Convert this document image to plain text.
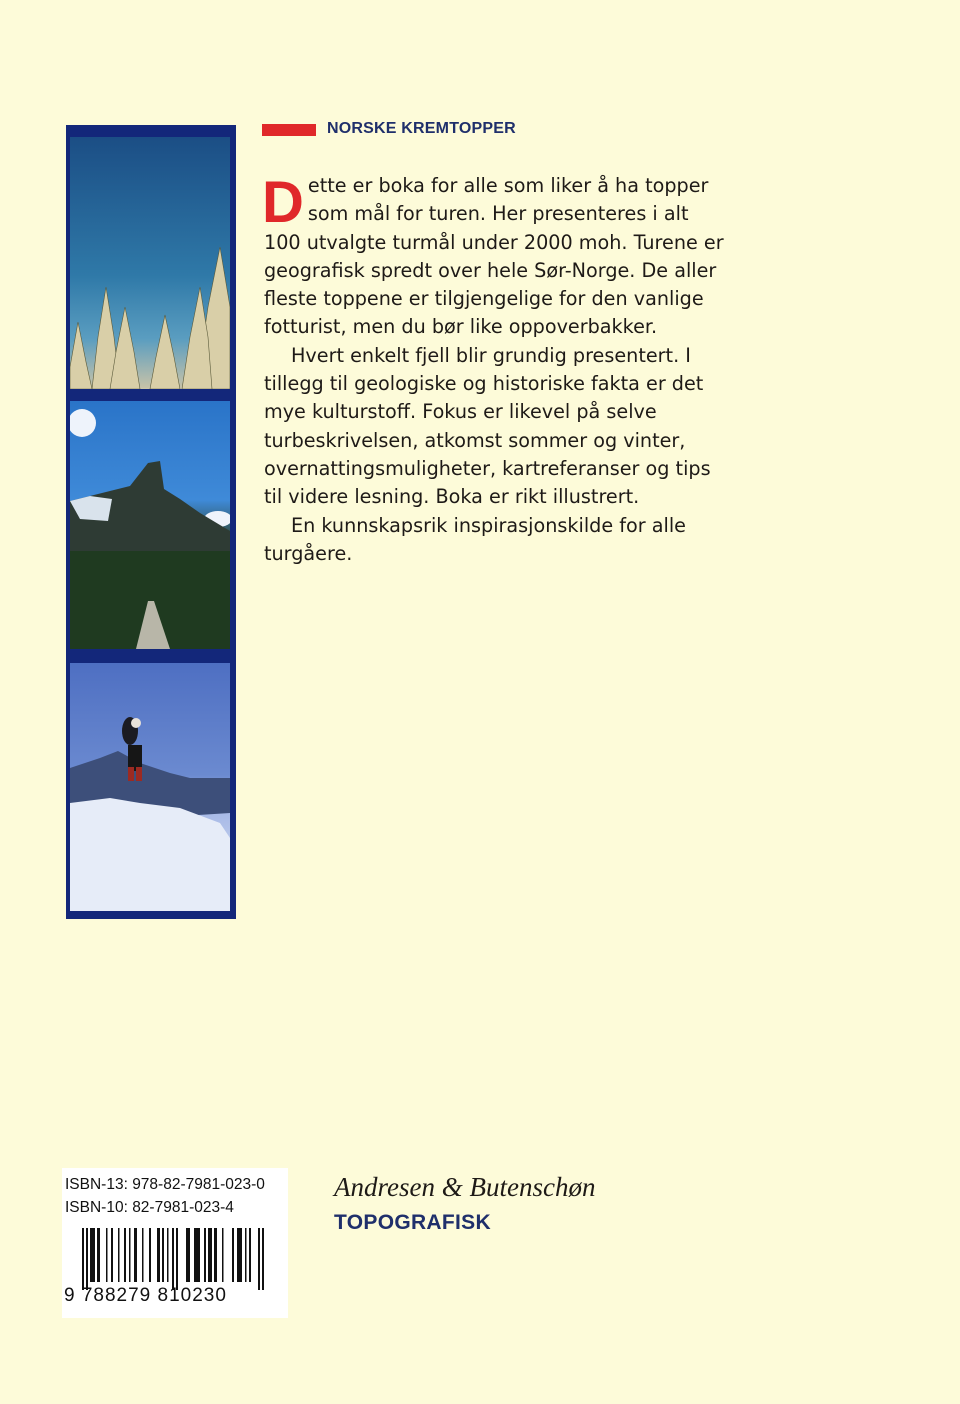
NORSKE KREMTOPPER

Dette er boka for alle som liker å ha topper som mål for turen. Her presenteres i alt 100 utvalgte turmål under 2000 moh. Turene er geografisk spredt over hele Sør-Norge. De aller fleste toppene er tilgjengelige for den vanlige fotturist, men du bør like oppoverbakker.

Hvert enkelt fjell blir grundig presentert. I tillegg til geologiske og historiske fakta er det mye kulturstoff. Fokus er likevel på selve turbeskrivelsen, atkomst sommer og vinter, overnattingsmuligheter, kartreferanser og tips til videre lesning. Boka er rikt illustrert.

En kunnskapsrik inspirasjonskilde for alle turgåere.

ISBN-13: 978-82-7981-023-0
ISBN-10: 82-7981-023-4
9 788279 810230
Andresen & Butenschøn
TOPOGRAFISK
